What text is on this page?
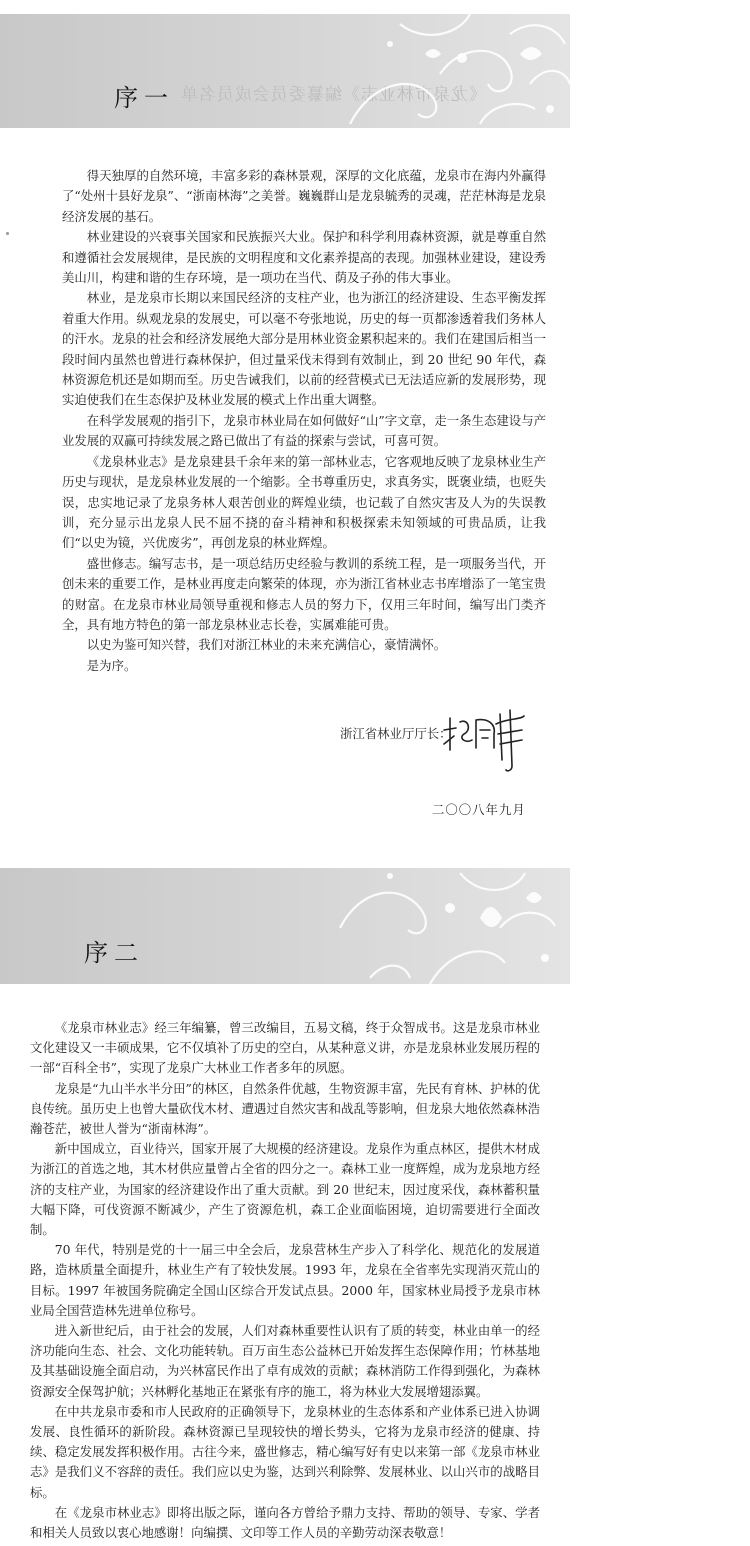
《龙泉市林业志》编纂委员会成员名单
序一

得天独厚的自然环境，丰富多彩的森林景观，深厚的文化底蕴，龙泉市在海内外赢得了“处州十县好龙泉”、“浙南林海”之美誉。巍巍群山是龙泉毓秀的灵魂，茫茫林海是龙泉经济发展的基石。

林业建设的兴衰事关国家和民族振兴大业。保护和科学利用森林资源，就是尊重自然和遵循社会发展规律，是民族的文明程度和文化素养提高的表现。加强林业建设，建设秀美山川，构建和谐的生存环境，是一项功在当代、荫及子孙的伟大事业。

林业，是龙泉市长期以来国民经济的支柱产业，也为浙江的经济建设、生态平衡发挥着重大作用。纵观龙泉的发展史，可以毫不夸张地说，历史的每一页都渗透着我们务林人的汗水。龙泉的社会和经济发展绝大部分是用林业资金累积起来的。我们在建国后相当一段时间内虽然也曾进行森林保护，但过量采伐未得到有效制止，到 20 世纪 90 年代，森林资源危机还是如期而至。历史告诫我们，以前的经营模式已无法适应新的发展形势，现实迫使我们在生态保护及林业发展的模式上作出重大调整。

在科学发展观的指引下，龙泉市林业局在如何做好“山”字文章，走一条生态建设与产业发展的双赢可持续发展之路已做出了有益的探索与尝试，可喜可贺。

《龙泉林业志》是龙泉建县千余年来的第一部林业志，它客观地反映了龙泉林业生产历史与现状，是龙泉林业发展的一个缩影。全书尊重历史，求真务实，既褒业绩，也贬失误，忠实地记录了龙泉务林人艰苦创业的辉煌业绩，也记载了自然灾害及人为的失误教训，充分显示出龙泉人民不屈不挠的奋斗精神和积极探索未知领域的可贵品质，让我们“以史为镜，兴优废劣”，再创龙泉的林业辉煌。

盛世修志。编写志书，是一项总结历史经验与教训的系统工程，是一项服务当代，开创未来的重要工作，是林业再度走向繁荣的体现，亦为浙江省林业志书库增添了一笔宝贵的财富。在龙泉市林业局领导重视和修志人员的努力下，仅用三年时间，编写出门类齐全，具有地方特色的第一部龙泉林业志长卷，实属难能可贵。

以史为鉴可知兴替，我们对浙江林业的未来充满信心，豪情满怀。

是为序。

浙江省林业厅厅长：
二〇〇八年九月
序二

《龙泉市林业志》经三年编纂，曾三改编目，五易文稿，终于众智成书。这是龙泉市林业文化建设又一丰硕成果，它不仅填补了历史的空白，从某种意义讲，亦是龙泉林业发展历程的一部“百科全书”，实现了龙泉广大林业工作者多年的夙愿。

龙泉是“九山半水半分田”的林区，自然条件优越，生物资源丰富，先民有育林、护林的优良传统。虽历史上也曾大量砍伐木材、遭遇过自然灾害和战乱等影响，但龙泉大地依然森林浩瀚苍茫，被世人誉为“浙南林海”。

新中国成立，百业待兴，国家开展了大规模的经济建设。龙泉作为重点林区，提供木材成为浙江的首选之地，其木材供应量曾占全省的四分之一。森林工业一度辉煌，成为龙泉地方经济的支柱产业，为国家的经济建设作出了重大贡献。到 20 世纪末，因过度采伐，森林蓄积量大幅下降，可伐资源不断减少，产生了资源危机，森工企业面临困境，迫切需要进行全面改制。

70 年代，特别是党的十一届三中全会后，龙泉营林生产步入了科学化、规范化的发展道路，造林质量全面提升，林业生产有了较快发展。1993 年，龙泉在全省率先实现消灭荒山的目标。1997 年被国务院确定全国山区综合开发试点县。2000 年，国家林业局授予龙泉市林业局全国营造林先进单位称号。

进入新世纪后，由于社会的发展，人们对森林重要性认识有了质的转变，林业由单一的经济功能向生态、社会、文化功能转轨。百万亩生态公益林已开始发挥生态保障作用；竹林基地及其基础设施全面启动，为兴林富民作出了卓有成效的贡献；森林消防工作得到强化，为森林资源安全保驾护航；兴林孵化基地正在紧张有序的施工，将为林业大发展增翅添翼。

在中共龙泉市委和市人民政府的正确领导下，龙泉林业的生态体系和产业体系已进入协调发展、良性循环的新阶段。森林资源已呈现较快的增长势头，它将为龙泉市经济的健康、持续、稳定发展发挥积极作用。古往今来，盛世修志，精心编写好有史以来第一部《龙泉市林业志》是我们义不容辞的责任。我们应以史为鉴，达到兴利除弊、发展林业、以山兴市的战略目标。

在《龙泉市林业志》即将出版之际，谨向各方曾给予鼎力支持、帮助的领导、专家、学者和相关人员致以衷心地感谢！向编撰、文印等工作人员的辛勤劳动深表敬意！
